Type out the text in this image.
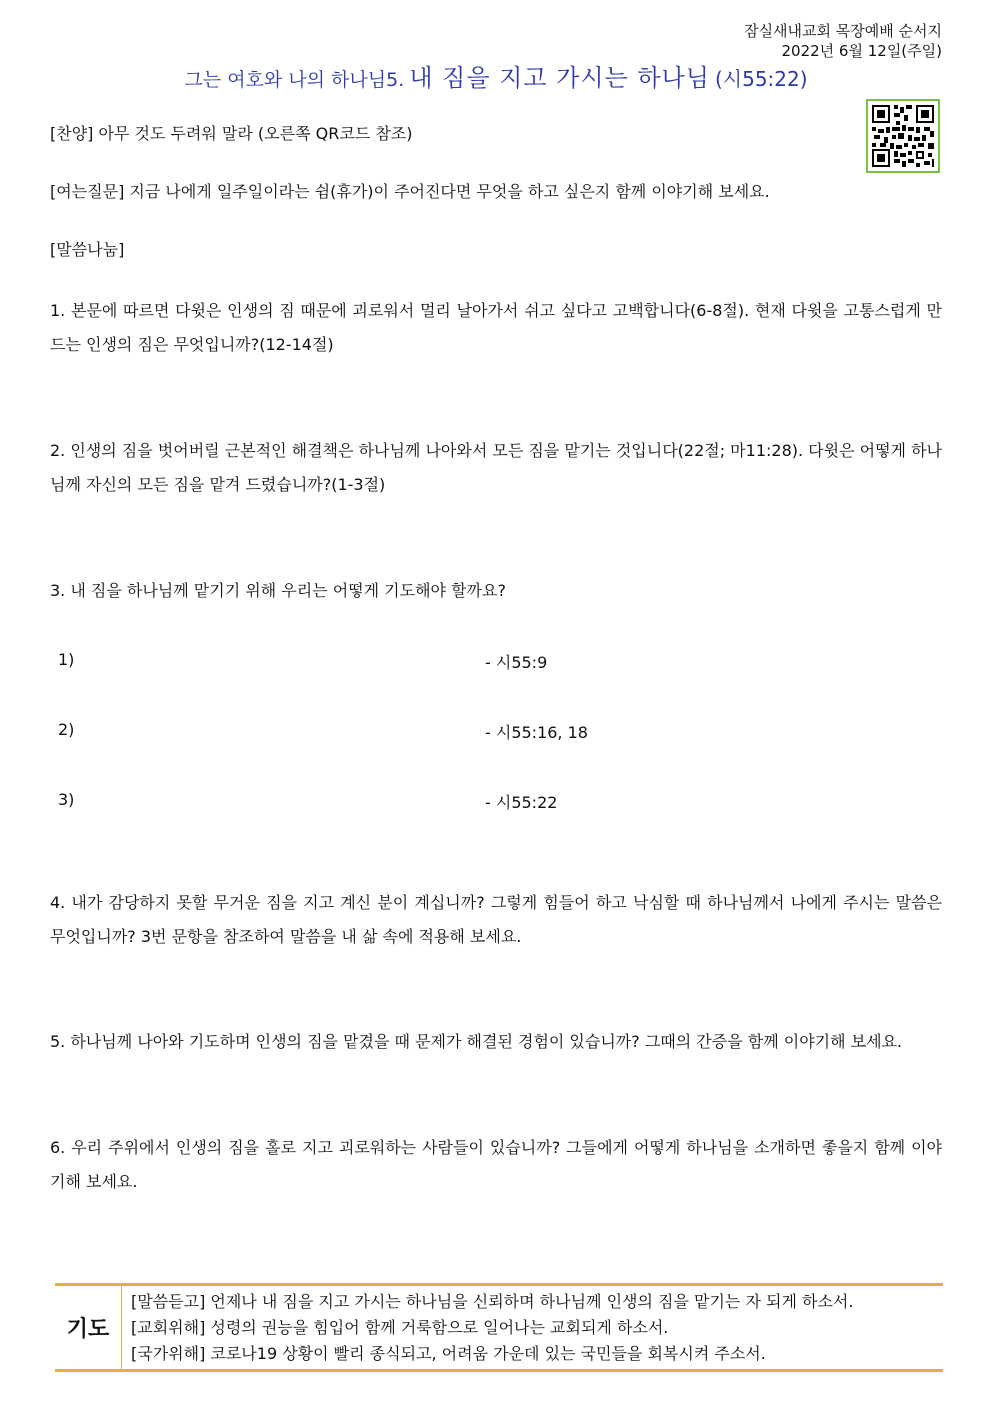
잠실새내교회 목장예배 순서지
2022년 6월 12일(주일)
그는 여호와 나의 하나님5. 내 짐을 지고 가시는 하나님 (시55:22)
[찬양] 아무 것도 두려워 말라 (오른쪽 QR코드 참조)
[여는질문] 지금 나에게 일주일이라는 쉼(휴가)이 주어진다면 무엇을 하고 싶은지 함께 이야기해 보세요.
[말씀나눔]
1. 본문에 따르면 다윗은 인생의 짐 때문에 괴로워서 멀리 날아가서 쉬고 싶다고 고백합니다(6-8절). 현재 다윗을 고통스럽게 만드는 인생의 짐은 무엇입니까?(12-14절)
2. 인생의 짐을 벗어버릴 근본적인 해결책은 하나님께 나아와서 모든 짐을 맡기는 것입니다(22절; 마11:28). 다윗은 어떻게 하나님께 자신의 모든 짐을 맡겨 드렸습니까?(1-3절)
3. 내 짐을 하나님께 맡기기 위해 우리는 어떻게 기도해야 할까요?
1)	- 시55:9
2)	- 시55:16, 18
3)	- 시55:22
4. 내가 감당하지 못할 무거운 짐을 지고 계신 분이 계십니까? 그렇게 힘들어 하고 낙심할 때 하나님께서 나에게 주시는 말씀은 무엇입니까? 3번 문항을 참조하여 말씀을 내 삶 속에 적용해 보세요.
5. 하나님께 나아와 기도하며 인생의 짐을 맡겼을 때 문제가 해결된 경험이 있습니까? 그때의 간증을 함께 이야기해 보세요.
6. 우리 주위에서 인생의 짐을 홀로 지고 괴로워하는 사람들이 있습니까? 그들에게 어떻게 하나님을 소개하면 좋을지 함께 이야기해 보세요.
기도
[말씀듣고] 언제나 내 짐을 지고 가시는 하나님을 신뢰하며 하나님께 인생의 짐을 맡기는 자 되게 하소서.
[교회위해] 성령의 권능을 힘입어 함께 거룩함으로 일어나는 교회되게 하소서.
[국가위해] 코로나19 상황이 빨리 종식되고, 어려움 가운데 있는 국민들을 회복시켜 주소서.
